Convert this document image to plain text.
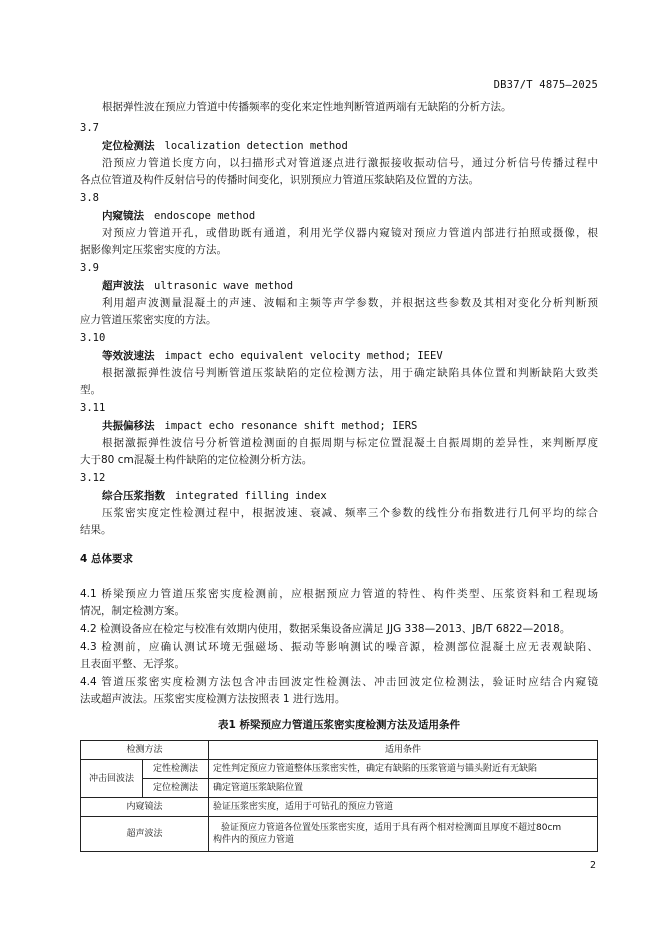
DB37/T 4875—2025
根据弹性波在预应力管道中传播频率的变化来定性地判断管道两端有无缺陷的分析方法。
3.7
定位检测法 localization detection method
沿预应力管道长度方向，以扫描形式对管道逐点进行激振接收振动信号，通过分析信号传播过程中
各点位管道及构件反射信号的传播时间变化，识别预应力管道压浆缺陷及位置的方法。
3.8
内窥镜法 endoscope method
对预应力管道开孔，或借助既有通道，利用光学仪器内窥镜对预应力管道内部进行拍照或摄像，根
据影像判定压浆密实度的方法。
3.9
超声波法 ultrasonic wave method
利用超声波测量混凝土的声速、波幅和主频等声学参数，并根据这些参数及其相对变化分析判断预
应力管道压浆密实度的方法。
3.10
等效波速法 impact echo equivalent velocity method; IEEV
根据激振弹性波信号判断管道压浆缺陷的定位检测方法，用于确定缺陷具体位置和判断缺陷大致类
型。
3.11
共振偏移法 impact echo resonance shift method; IERS
根据激振弹性波信号分析管道检测面的自振周期与标定位置混凝土自振周期的差异性，来判断厚度
大于80 cm混凝土构件缺陷的定位检测分析方法。
3.12
综合压浆指数 integrated filling index
压浆密实度定性检测过程中，根据波速、衰减、频率三个参数的线性分布指数进行几何平均的综合
结果。
4 总体要求
4.1 桥梁预应力管道压浆密实度检测前，应根据预应力管道的特性、构件类型、压浆资料和工程现场
情况，制定检测方案。
4.2 检测设备应在检定与校准有效期内使用，数据采集设备应满足 JJG 338—2013、JB/T 6822—2018。
4.3 检测前，应确认测试环境无强磁场、振动等影响测试的噪音源，检测部位混凝土应无表观缺陷、
且表面平整、无浮浆。
4.4 管道压浆密实度检测方法包含冲击回波定性检测法、冲击回波定位检测法，验证时应结合内窥镜
法或超声波法。压浆密实度检测方法按照表 1 进行选用。
表1 桥梁预应力管道压浆密实度检测方法及适用条件
检测方法		适用条件
冲击回波法	定性检测法	定性判定预应力管道整体压浆密实性，确定有缺陷的压浆管道与锚头附近有无缺陷
	定位检测法	确定管道压浆缺陷位置
内窥镜法		验证压浆密实度，适用于可钻孔的预应力管道
超声波法		验证预应力管道各位置处压浆密实度，适用于具有两个相对检测面且厚度不超过80cm
构件内的预应力管道
2
